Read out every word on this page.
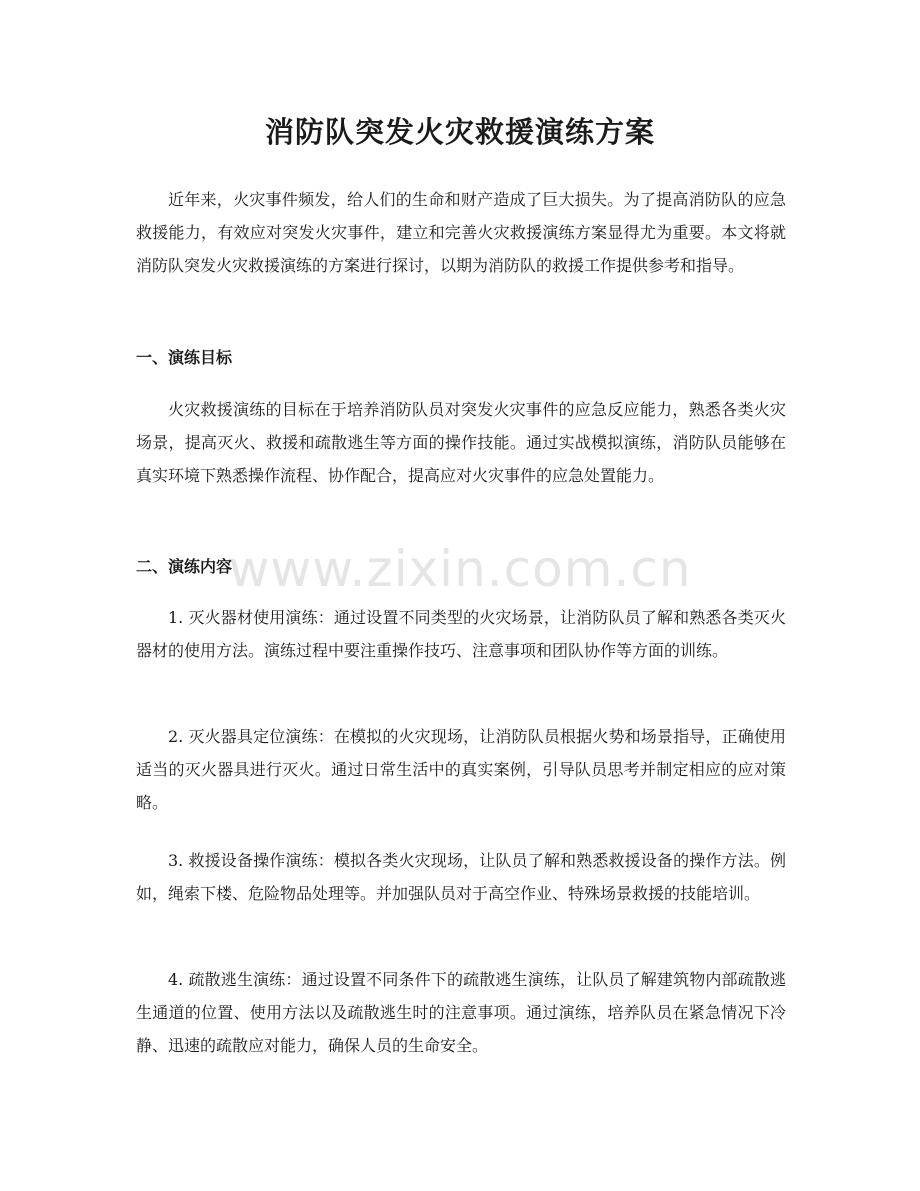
消防队突发火灾救援演练方案

近年来，火灾事件频发，给人们的生命和财产造成了巨大损失。为了提高消防队的应急救援能力，有效应对突发火灾事件，建立和完善火灾救援演练方案显得尤为重要。本文将就消防队突发火灾救援演练的方案进行探讨，以期为消防队的救援工作提供参考和指导。

一、演练目标

火灾救援演练的目标在于培养消防队员对突发火灾事件的应急反应能力，熟悉各类火灾场景，提高灭火、救援和疏散逃生等方面的操作技能。通过实战模拟演练，消防队员能够在真实环境下熟悉操作流程、协作配合，提高应对火灾事件的应急处置能力。

二、演练内容

1. 灭火器材使用演练：通过设置不同类型的火灾场景，让消防队员了解和熟悉各类灭火器材的使用方法。演练过程中要注重操作技巧、注意事项和团队协作等方面的训练。

2. 灭火器具定位演练：在模拟的火灾现场，让消防队员根据火势和场景指导，正确使用适当的灭火器具进行灭火。通过日常生活中的真实案例，引导队员思考并制定相应的应对策略。

3. 救援设备操作演练：模拟各类火灾现场，让队员了解和熟悉救援设备的操作方法。例如，绳索下楼、危险物品处理等。并加强队员对于高空作业、特殊场景救援的技能培训。

4. 疏散逃生演练：通过设置不同条件下的疏散逃生演练，让队员了解建筑物内部疏散逃生通道的位置、使用方法以及疏散逃生时的注意事项。通过演练，培养队员在紧急情况下冷静、迅速的疏散应对能力，确保人员的生命安全。

www.zixin.com.cn
